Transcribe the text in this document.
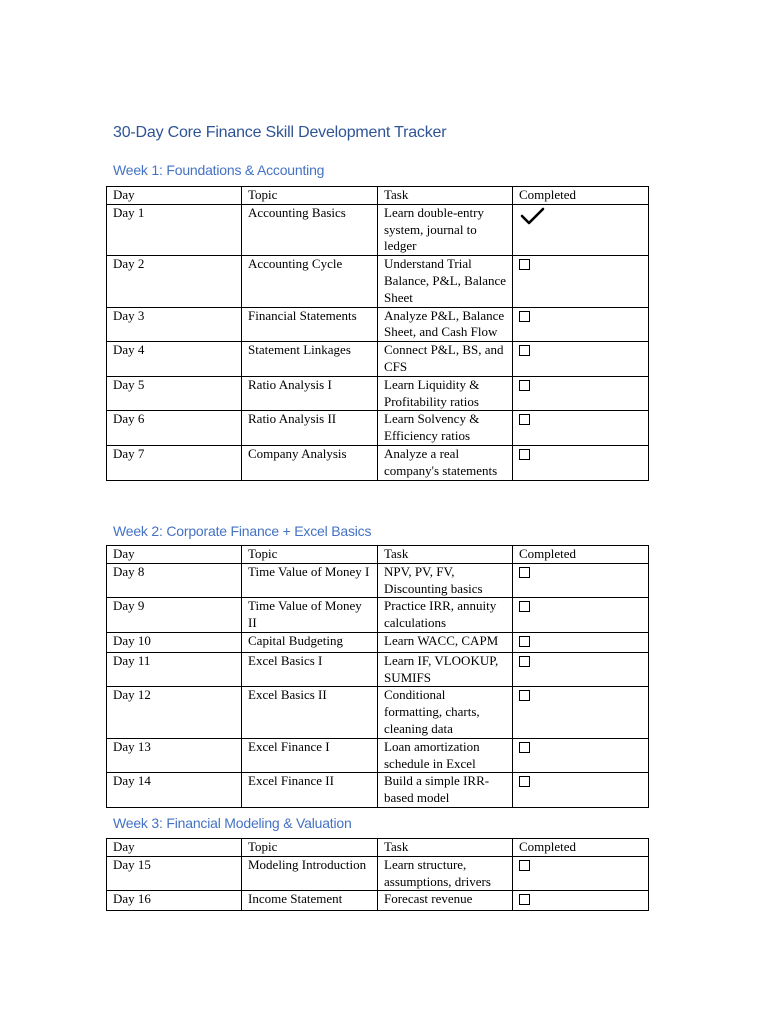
30-Day Core Finance Skill Development Tracker
Week 1: Foundations & Accounting
Day	Topic	Task	Completed
Day 1	Accounting Basics	Learn double-entry system, journal to ledger	
Day 2	Accounting Cycle	Understand Trial Balance, P&L, Balance Sheet	
Day 3	Financial Statements	Analyze P&L, Balance Sheet, and Cash Flow	
Day 4	Statement Linkages	Connect P&L, BS, and CFS	
Day 5	Ratio Analysis I	Learn Liquidity & Profitability ratios	
Day 6	Ratio Analysis II	Learn Solvency & Efficiency ratios	
Day 7	Company Analysis	Analyze a real company's statements	
Week 2: Corporate Finance + Excel Basics
Day	Topic	Task	Completed
Day 8	Time Value of Money I	NPV, PV, FV, Discounting basics	
Day 9	Time Value of Money II	Practice IRR, annuity calculations	
Day 10	Capital Budgeting	Learn WACC, CAPM	
Day 11	Excel Basics I	Learn IF, VLOOKUP, SUMIFS	
Day 12	Excel Basics II	Conditional formatting, charts, cleaning data	
Day 13	Excel Finance I	Loan amortization schedule in Excel	
Day 14	Excel Finance II	Build a simple IRR-based model	
Week 3: Financial Modeling & Valuation
Day	Topic	Task	Completed
Day 15	Modeling Introduction	Learn structure, assumptions, drivers	
Day 16	Income Statement	Forecast revenue	
